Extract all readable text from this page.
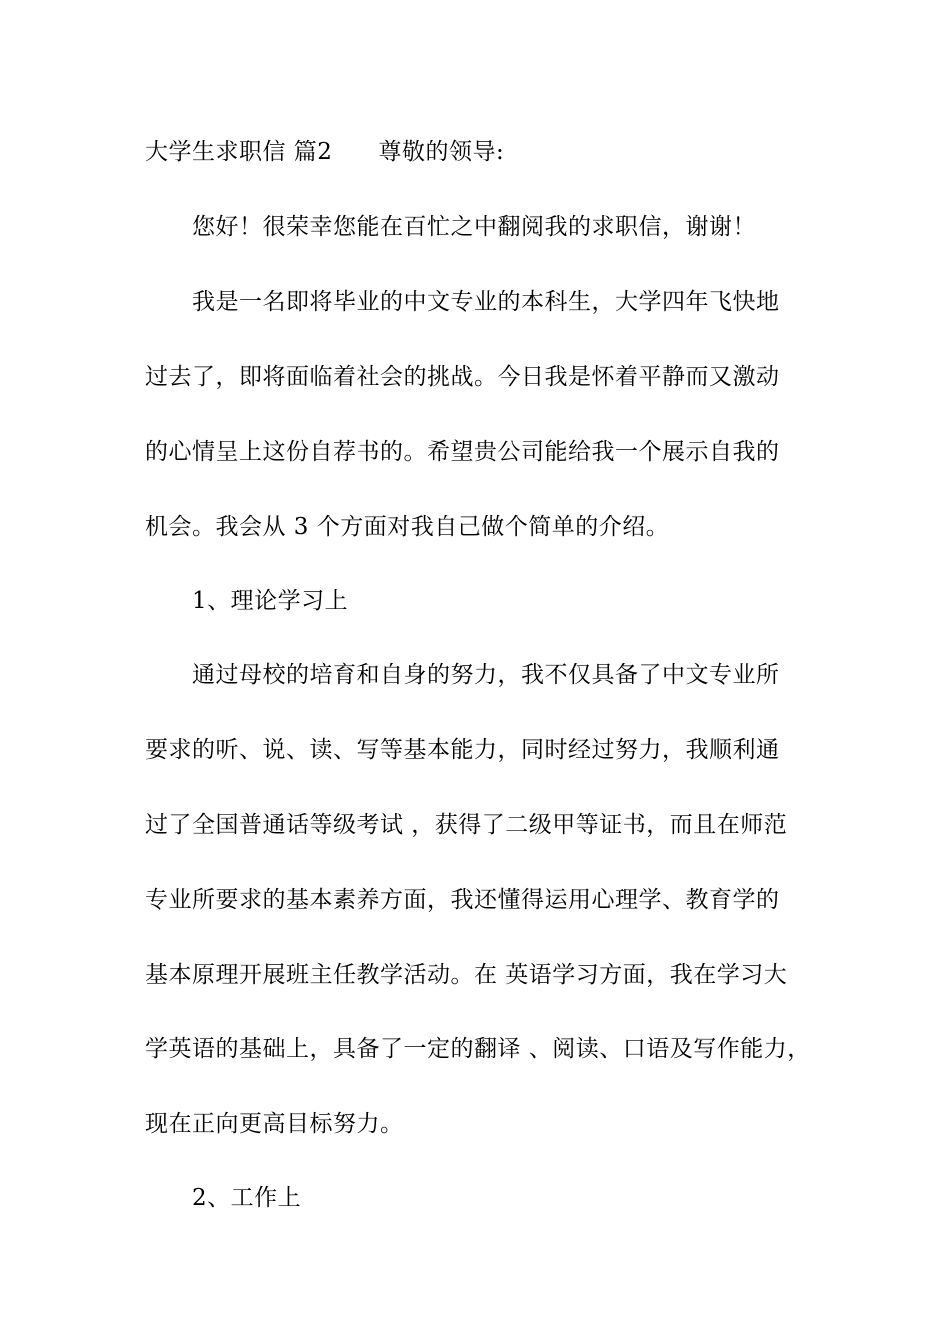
大学生求职信 篇2 尊敬的领导:
您好！很荣幸您能在百忙之中翻阅我的求职信，谢谢！
我是一名即将毕业的中文专业的本科生，大学四年飞快地
过去了，即将面临着社会的挑战。今日我是怀着平静而又激动
的心情呈上这份自荐书的。希望贵公司能给我一个展示自我的
机会。我会从 3 个方面对我自己做个简单的介绍。
1、理论学习上
通过母校的培育和自身的努力，我不仅具备了中文专业所
要求的听、说、读、写等基本能力，同时经过努力，我顺利通
过了全国普通话等级考试 ，获得了二级甲等证书，而且在师范
专业所要求的基本素养方面，我还懂得运用心理学、教育学的
基本原理开展班主任教学活动。在 英语学习方面，我在学习大
学英语的基础上，具备了一定的翻译 、阅读、口语及写作能力，
现在正向更高目标努力。
2、工作上
